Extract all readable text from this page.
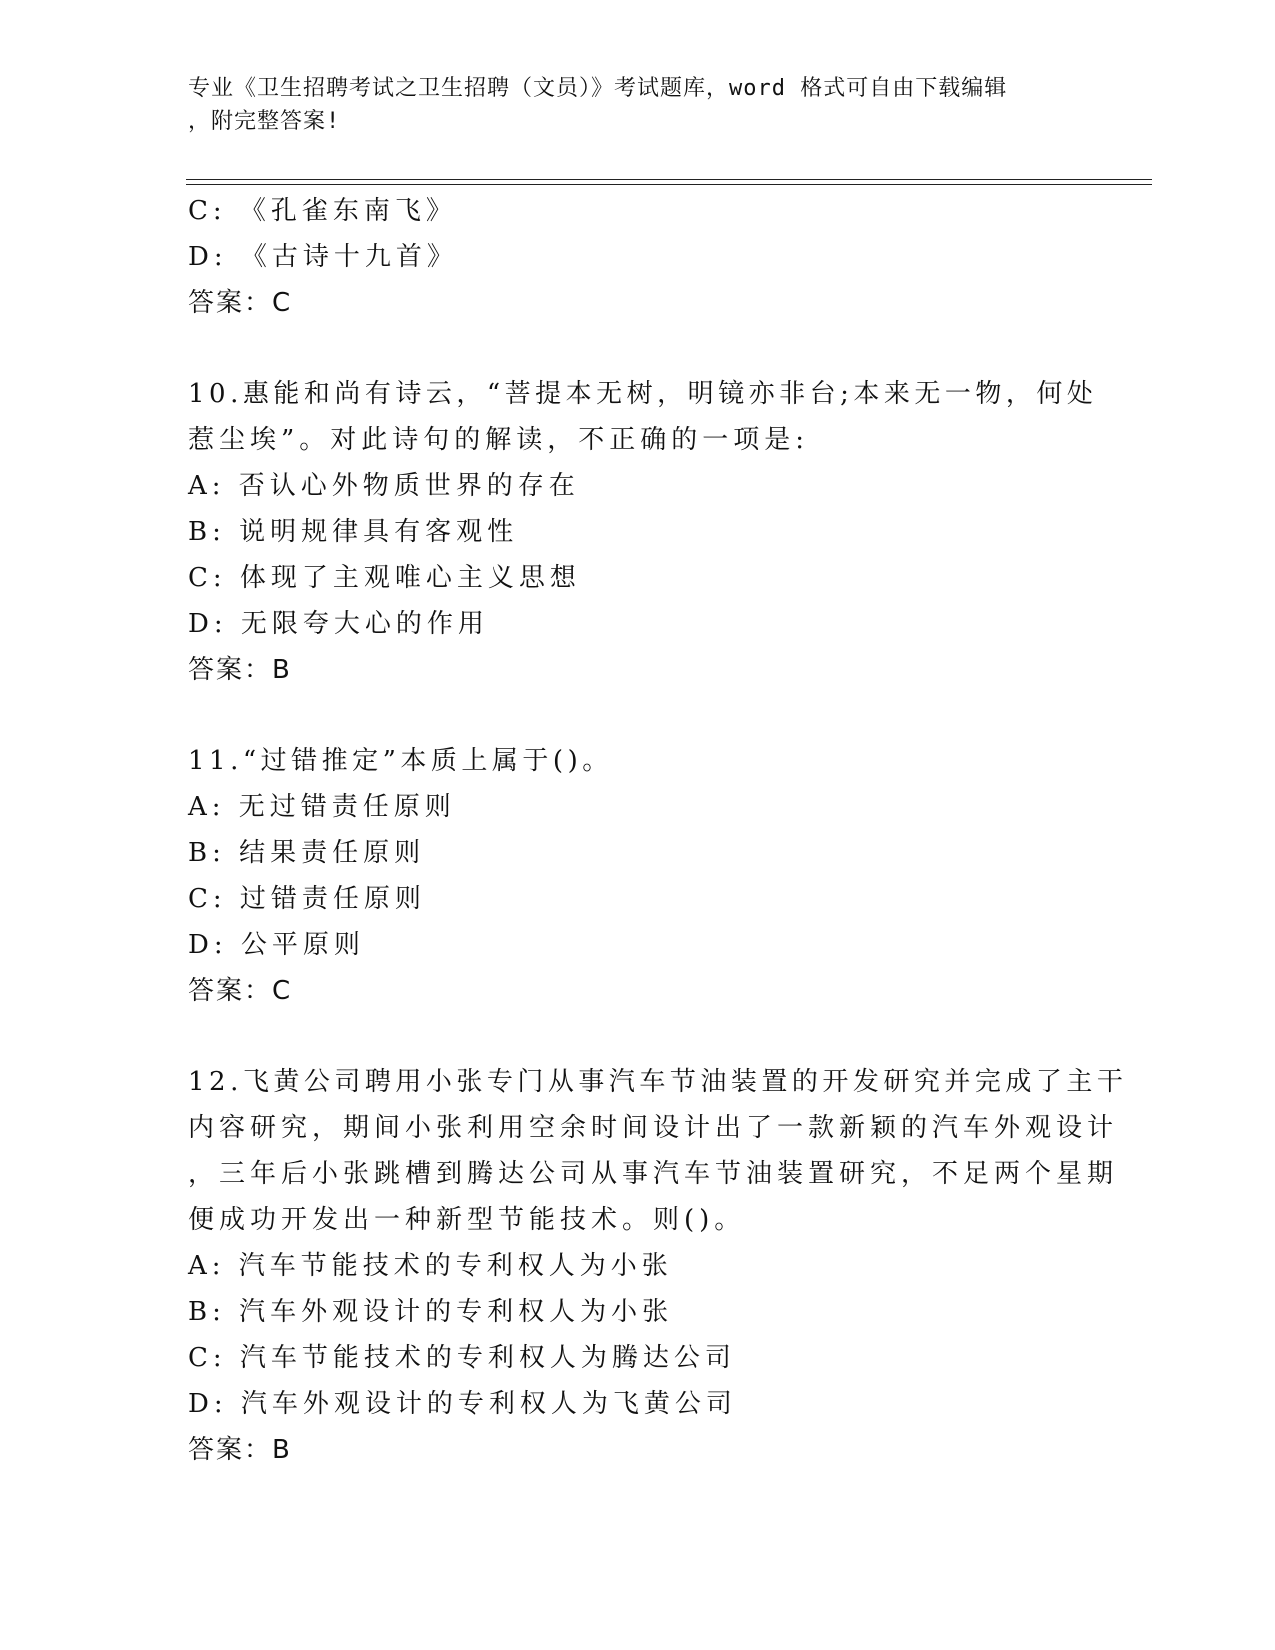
专业《卫生招聘考试之卫生招聘（文员）》考试题库，word 格式可自由下载编辑
，附完整答案!
C: 《孔雀东南飞》
D: 《古诗十九首》
答案：C
10.惠能和尚有诗云，“菩提本无树，明镜亦非台;本来无一物，何处
惹尘埃”。对此诗句的解读，不正确的一项是:
A: 否认心外物质世界的存在
B: 说明规律具有客观性
C: 体现了主观唯心主义思想
D: 无限夸大心的作用
答案：B
11.“过错推定”本质上属于()。
A: 无过错责任原则
B: 结果责任原则
C: 过错责任原则
D: 公平原则
答案：C
12.飞黄公司聘用小张专门从事汽车节油装置的开发研究并完成了主干
内容研究，期间小张利用空余时间设计出了一款新颖的汽车外观设计
，三年后小张跳槽到腾达公司从事汽车节油装置研究，不足两个星期
便成功开发出一种新型节能技术。则()。
A: 汽车节能技术的专利权人为小张
B: 汽车外观设计的专利权人为小张
C: 汽车节能技术的专利权人为腾达公司
D: 汽车外观设计的专利权人为飞黄公司
答案：B
